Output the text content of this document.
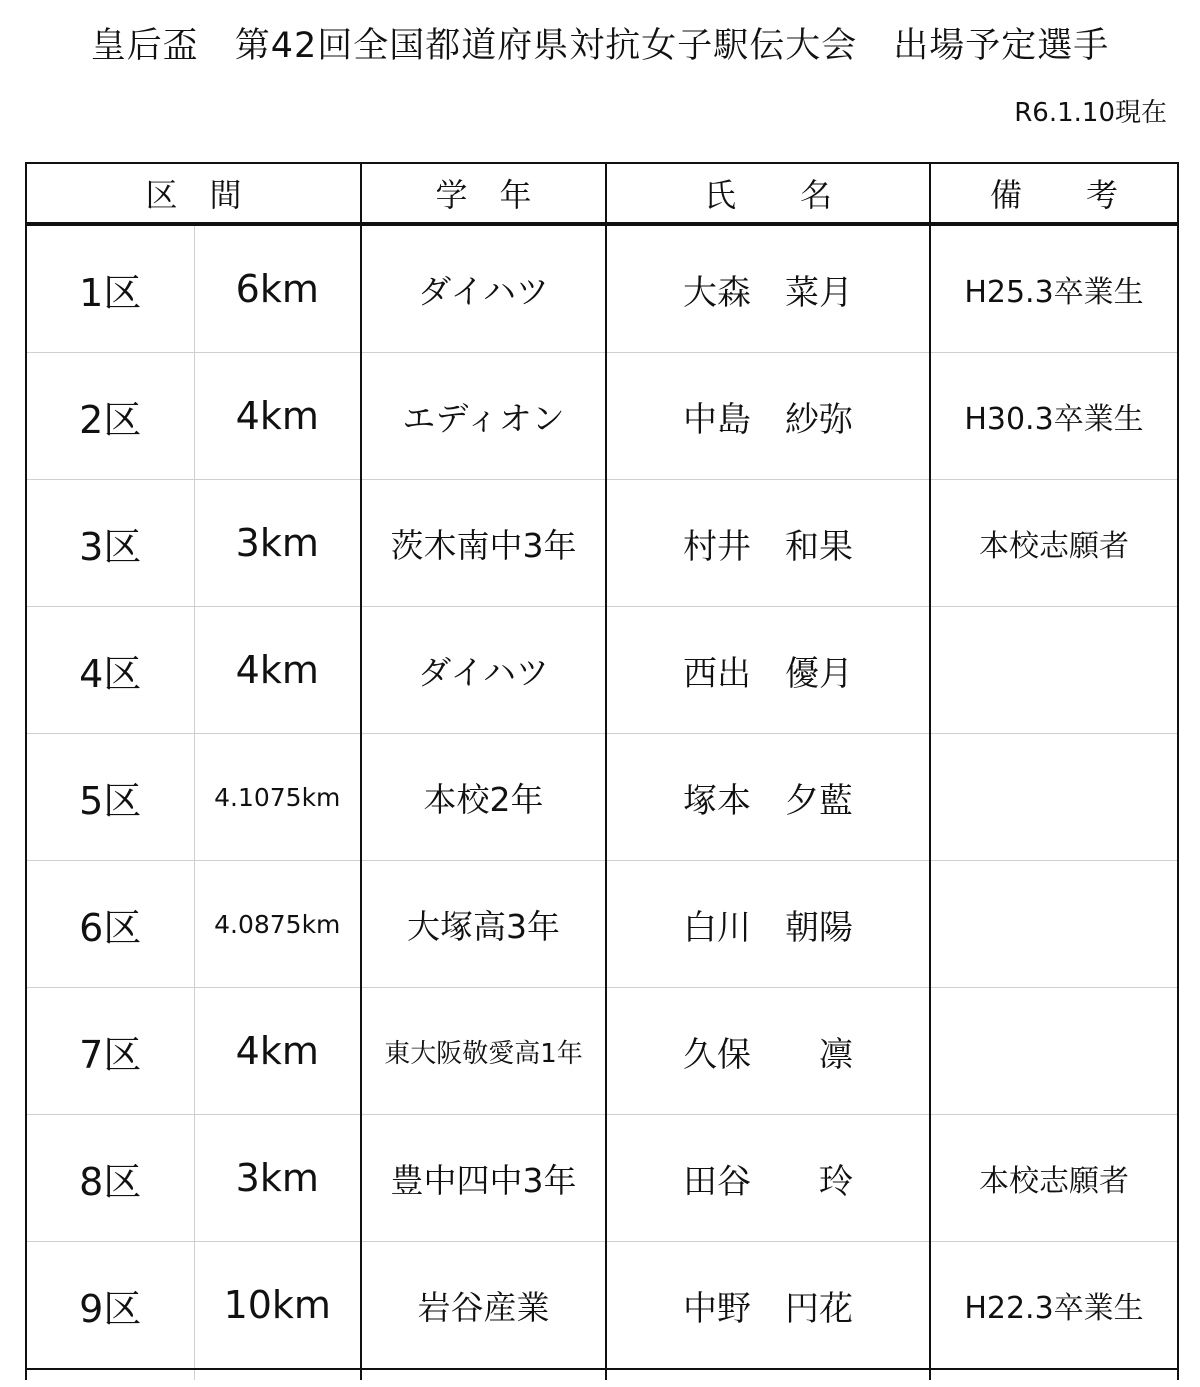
皇后盃　第42回全国都道府県対抗女子駅伝大会　出場予定選手
R6.1.10現在
区　間		学　年	氏　　名	備　　考
1区	6km	ダイハツ	大森　菜月	H25.3卒業生
2区	4km	エディオン	中島　紗弥	H30.3卒業生
3区	3km	茨木南中3年	村井　和果	本校志願者
4区	4km	ダイハツ	西出　優月	
5区	4.1075km	本校2年	塚本　夕藍	
6区	4.0875km	大塚高3年	白川　朝陽	
7区	4km	東大阪敬愛高1年	久保　　凛	
8区	3km	豊中四中3年	田谷　　玲	本校志願者
9区	10km	岩谷産業	中野　円花	H22.3卒業生
